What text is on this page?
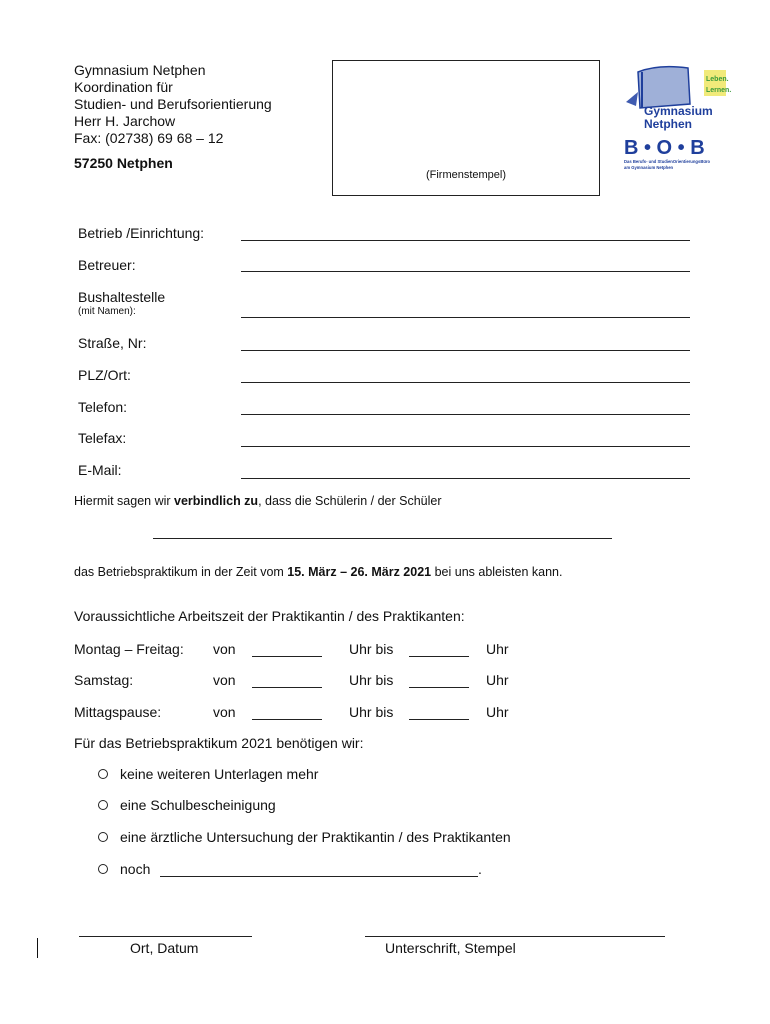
Gymnasium Netphen
Koordination für
Studien- und Berufsorientierung
Herr H. Jarchow
Fax: (02738) 69 68 – 12
57250 Netphen
(Firmenstempel)
Leben.
Lernen.
Gymnasium
Netphen
B • O • B
Das Berufs- und StudienOrientierungsBüro
am Gymnasium Netphen
Betrieb /Einrichtung:
Betreuer:
Bushaltestelle
(mit Namen):
Straße, Nr:
PLZ/Ort:
Telefon:
Telefax:
E-Mail:
Hiermit sagen wir verbindlich zu, dass die Schülerin / der Schüler
das Betriebspraktikum in der Zeit vom 15. März – 26. März 2021 bei uns ableisten kann.
Voraussichtliche Arbeitszeit der Praktikantin / des Praktikanten:
Montag – Freitag: von	Uhr bis	Uhr
Samstag:	von	Uhr bis	Uhr
Mittagspause:	von	Uhr bis	Uhr
Für das Betriebspraktikum 2021 benötigen wir:
keine weiteren Unterlagen mehr
eine Schulbescheinigung
eine ärztliche Untersuchung der Praktikantin / des Praktikanten
noch	.
Ort, Datum	Unterschrift, Stempel
